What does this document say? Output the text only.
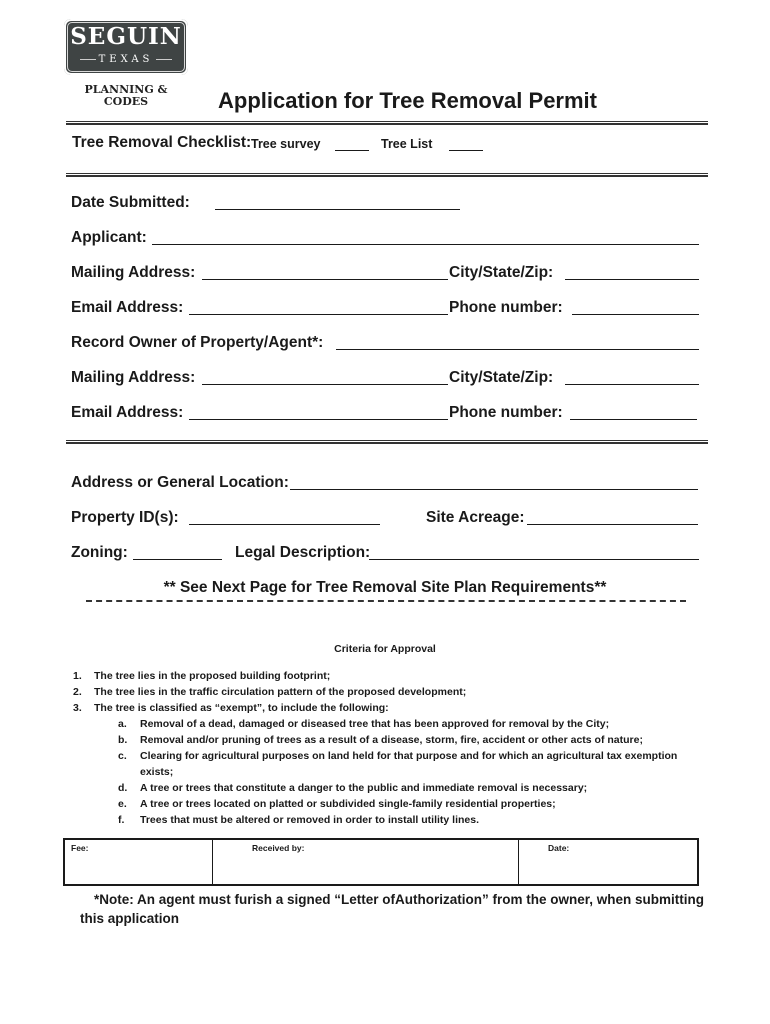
SEGUIN
TEXAS
PLANNING &
CODES	Application for Tree Removal Permit
Tree Removal Checklist: Tree survey	Tree List
Date Submitted:
Applicant:
Mailing Address:	City/State/Zip:
Email Address:	Phone number:
Record Owner of Property/Agent*:
Mailing Address:	City/State/Zip:
Email Address:	Phone number:
Address or General Location:
Property ID(s):	Site Acreage:
Zoning:	Legal Description:
** See Next Page for Tree Removal Site Plan Requirements**
Criteria for Approval
1.	The tree lies in the proposed building footprint;
2.	The tree lies in the traffic circulation pattern of the proposed development;
3.	The tree is classified as “exempt”, to include the following:
a.	Removal of a dead, damaged or diseased tree that has been approved for removal by the City;
b.	Removal and/or pruning of trees as a result of a disease, storm, fire, accident or other acts of nature;
c.	Clearing for agricultural purposes on land held for that purpose and for which an agricultural tax exemption
exists;
d.	A tree or trees that constitute a danger to the public and immediate removal is necessary;
e.	A tree or trees located on platted or subdivided single-family residential properties;
f.	Trees that must be altered or removed in order to install utility lines.
Fee:	Received by:	Date:
*Note: An agent must furish a signed “Letter ofAuthorization” from the owner, when submitting
this application
